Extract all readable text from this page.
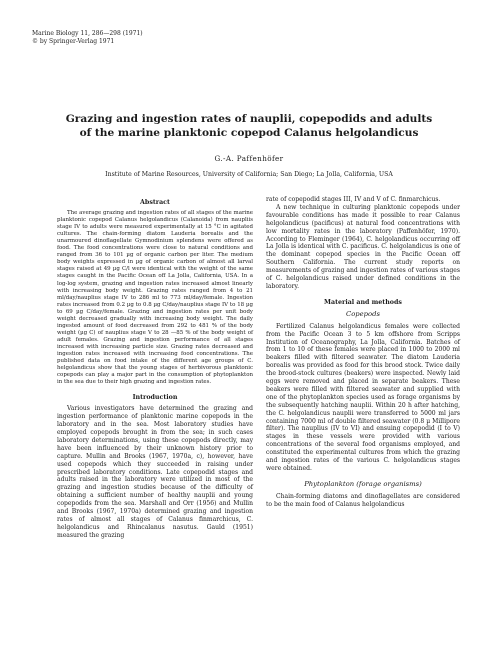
Marine Biology 11, 286—298 (1971)
© by Springer-Verlag 1971
Grazing and ingestion rates of nauplii, copepodids and adults
of the marine planktonic copepod Calanus helgolandicus
G.-A. Paffenhöfer
Institute of Marine Resources, University of California; San Diego; La Jolla, California, USA
Abstract

The average grazing and ingestion rates of all stages of the marine planktonic copepod Calanus helgolandicus (Calanoida) from naupliis stage IV to adults were measured experimentally at 15 °C in agitated cultures. The chain-forming diatom Lauderia borealis and the unarmoured dinoflagellate Gymnodinium splendens were offered as food. The food concentrations were close to natural conditions and ranged from 36 to 101 µg of organic carbon per liter. The medium body weights expressed in µg of organic carbon of almost all larval stages raised at 49 µg C/l were identical with the weight of the same stages caught in the Pacific Ocean off La Jolla, California, USA. In a log-log system, grazing and ingestion rates increased almost linearly with increasing body weight. Grazing rates ranged from 4 to 21 ml/day/nauplius stage IV to 286 ml to 773 ml/day/female. Ingestion rates increased from 0.2 µg to 0.8 µg C/day/nauplius stage IV to 18 µg to 69 µg C/day/female. Grazing and ingestion rates per unit body weight decreased gradually with increasing body weight. The daily ingested amount of food decreased from 292 to 481 % of the body weight (µg C) of nauplius stage V to 28 —85 % of the body weight of adult females. Grazing and ingestion performance of all stages increased with increasing particle size. Grazing rates decreased and ingestion rates increased with increasing food concentrations. The published data on food intake of the different age groups of C. helgolandicus show that the young stages of herbivorous planktonic copepods can play a major part in the consumption of phytoplankton in the sea due to their high grazing and ingestion rates.

Introduction

Various investigators have determined the grazing and ingestion performance of planktonic marine copepods in the laboratory and in the sea. Most laboratory studies have employed copepods brought in from the sea; in such cases laboratory determinations, using these copepods directly, may have been influenced by their unknown history prior to capture. Mullin and Brooks (1967, 1970a, c), however, have used copepods which they succeeded in raising under prescribed laboratory conditions. Late copepodid stages and adults raised in the laboratory were utilized in most of the grazing and ingestion studies because of the difficulty of obtaining a sufficient number of healthy nauplii and young copepodids from the sea. Marshall and Orr (1956) and Mullin and Brooks (1967, 1970a) determined grazing and ingestion rates of almost all stages of Calanus finmarchicus, C. helgolandicus and Rhincalanus nasutus. Gauld (1951) measured the grazing

rate of copepodid stages III, IV and V of C. finmarchicus.

A new technique in culturing planktonic copepods under favourable conditions has made it possible to rear Calanus helgolandicus (pacificus) at natural food concentrations with low mortality rates in the laboratory (Paffenhöfer, 1970). According to Fleminger (1964), C. helgolandicus occurring off La Jolla is identical with C. pacificus. C. helgolandicus is one of the dominant copepod species in the Pacific Ocean off Southern California. The current study reports on measurements of grazing and ingestion rates of various stages of C. helgolandicus raised under defined conditions in the laboratory.

Material and methods
Copepods

Fertilized Calanus helgolandicus females were collected from the Pacific Ocean 3 to 5 km offshore from Scripps Institution of Oceanography, La Jolla, California. Batches of from 1 to 10 of these females were placed in 1000 to 2000 ml beakers filled with filtered seawater. The diatom Lauderia borealis was provided as food for this brood stock. Twice daily the brood-stock cultures (beakers) were inspected. Newly laid eggs were removed and placed in separate beakers. These beakers were filled with filtered seawater and supplied with one of the phytoplankton species used as forage organisms by the subsequently hatching nauplii. Within 20 h after hatching, the C. helgolandicus nauplii were transferred to 5000 ml jars containing 7000 ml of double filtered seawater (0.8 µ Millipore filter). The nauplius (IV to VI) and ensuing copepodid (I to V) stages in these vessels were provided with various concentrations of the several food organisms employed, and constituted the experimental cultures from which the grazing and ingestion rates of the various C. helgolandicus stages were obtained.

Phytoplankton (forage organisms)

Chain-forming diatoms and dinoflagellates are considered to be the main food of Calanus helgolandicus
